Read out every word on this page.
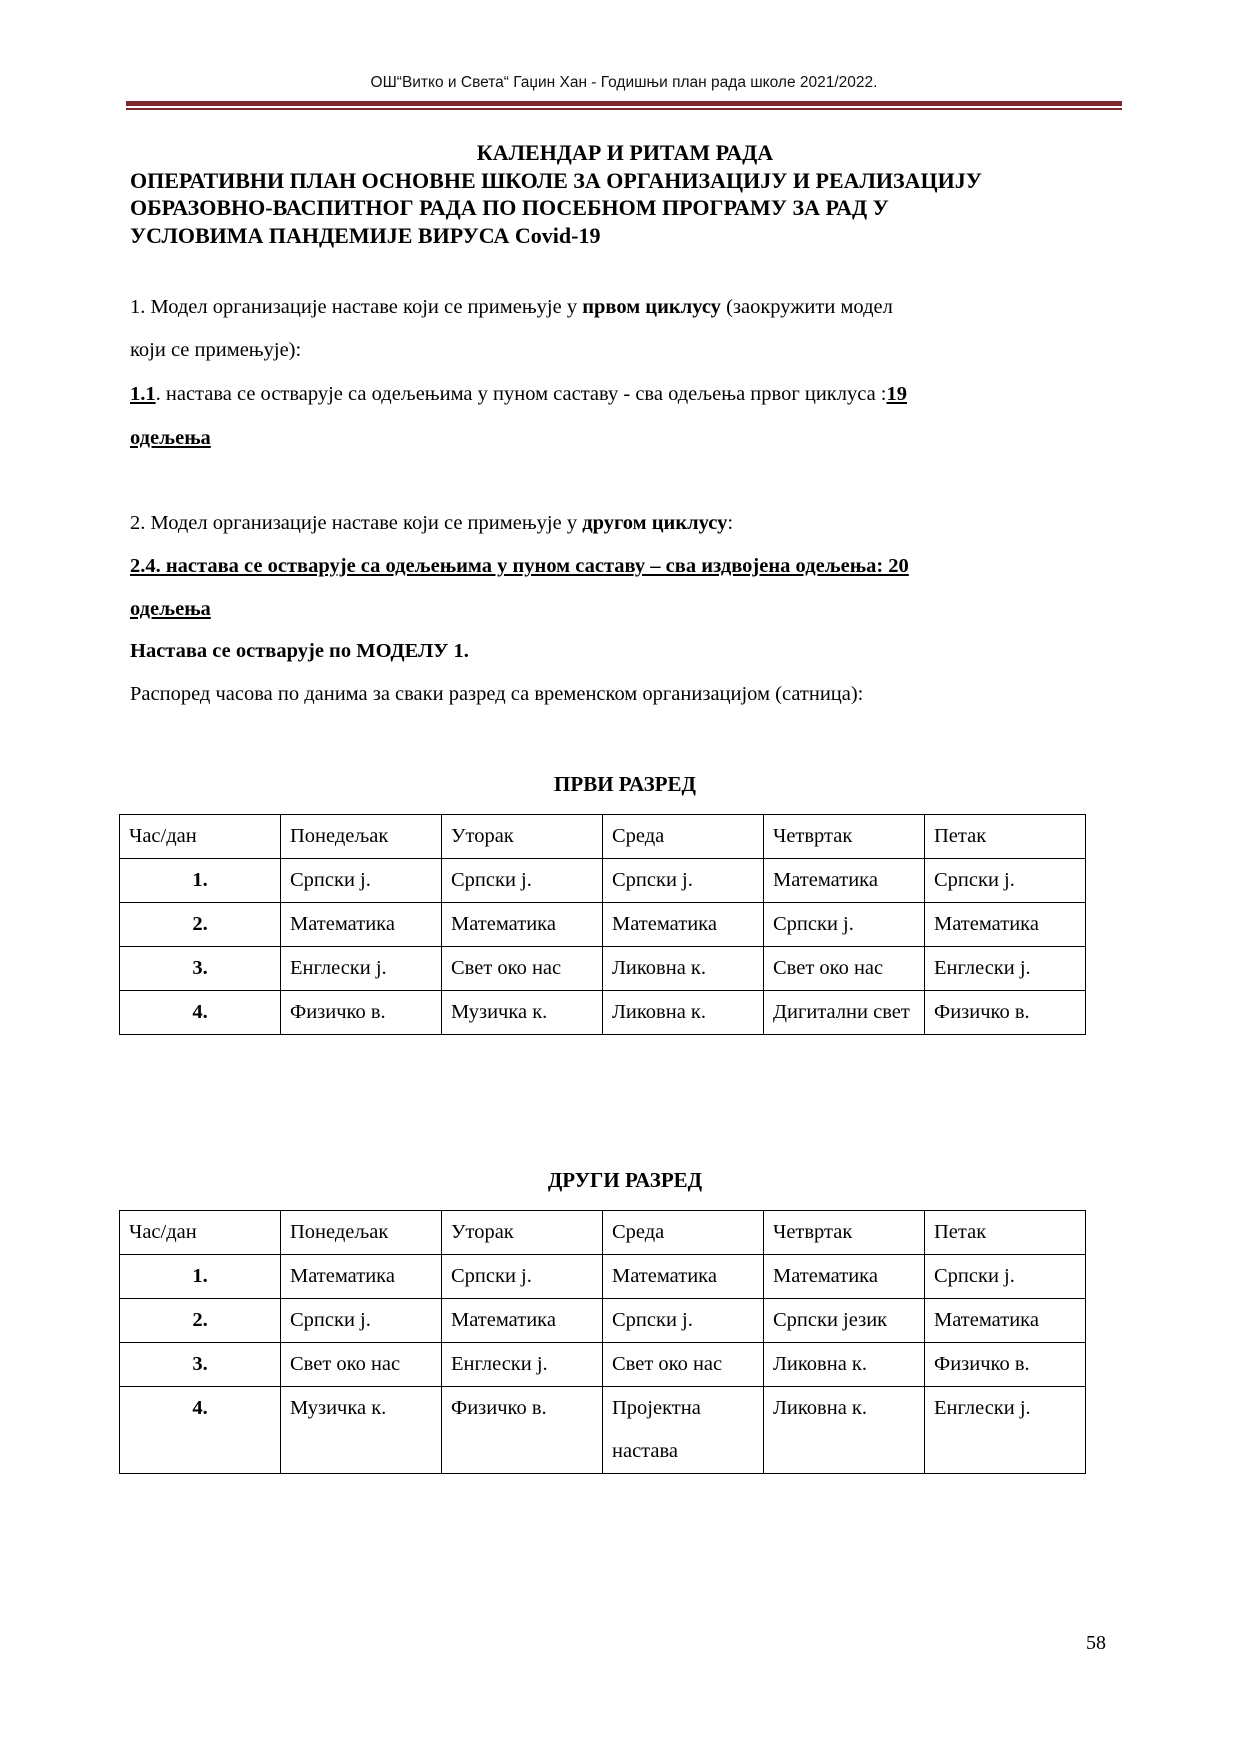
ОШ“Витко и Света“ Гаџин Хан - Годишњи план рада школе 2021/2022.
КАЛЕНДАР И РИТАМ РАДА
ОПЕРАТИВНИ ПЛАН ОСНОВНЕ ШКОЛЕ ЗА ОРГАНИЗАЦИЈУ И РЕАЛИЗАЦИЈУ
ОБРАЗОВНО-ВАСПИТНОГ РАДА ПО ПОСЕБНОМ ПРОГРАМУ ЗА РАД У
УСЛОВИМА ПАНДЕМИЈЕ ВИРУСА Covid-19
1. Модел организације наставе који се примењује у првом циклусу (заокружити модел
који се примењује):
1.1. настава се остварује са одељењима у пуном саставу - сва одељења првог циклуса :19
одељења
2. Модел организације наставе који се примењује у другом циклусу:
2.4. настава се остварује са одељењима у пуном саставу – сва издвојена одељења: 20
одељења
Настава се остварује по МОДЕЛУ 1.
Распоред часова по данима за сваки разред са временском организацијом (сатница):
ПРВИ РАЗРЕД
ДРУГИ РАЗРЕД
Час/дан	Понедељак	Уторак	Среда	Четвртак	Петак
1.	Српски ј.	Српски ј.	Српски ј.	Математика	Српски ј.
2.	Математика	Математика	Математика	Српски ј.	Математика
3.	Енглески ј.	Свет око нас	Ликовна к.	Свет око нас	Енглески ј.
4.	Физичко в.	Музичка к.	Ликовна к.	Дигитални свет	Физичко в.
Час/дан	Понедељак	Уторак	Среда	Четвртак	Петак
1.	Математика	Српски ј.	Математика	Математика	Српски ј.
2.	Српски ј.	Математика	Српски ј.	Српски језик	Математика
3.	Свет око нас	Енглески ј.	Свет око нас	Ликовна к.	Физичко в.
4.	Музичка к.	Физичко в.	Пројектна настава	Ликовна к.	Енглески ј.
58
